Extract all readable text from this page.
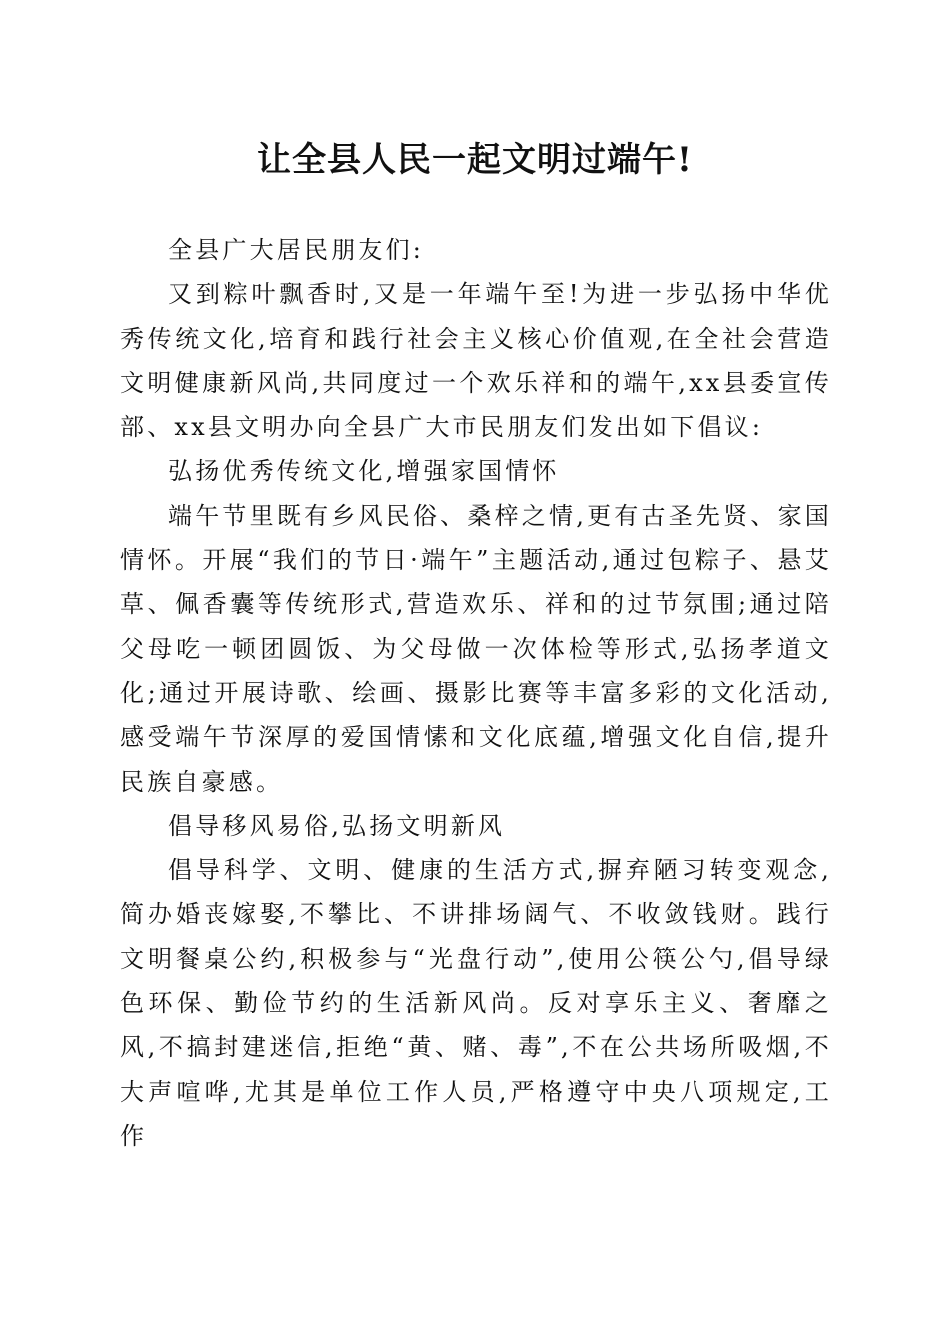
让全县人民一起文明过端午!

全县广大居民朋友们:

又到粽叶飘香时,又是一年端午至!为进一步弘扬中华优秀传统文化,培育和践行社会主义核心价值观,在全社会营造文明健康新风尚,共同度过一个欢乐祥和的端午,xx县委宣传部、xx县文明办向全县广大市民朋友们发出如下倡议:

弘扬优秀传统文化,增强家国情怀

端午节里既有乡风民俗、桑梓之情,更有古圣先贤、家国情怀。开展“我们的节日·端午”主题活动,通过包粽子、悬艾草、佩香囊等传统形式,营造欢乐、祥和的过节氛围;通过陪父母吃一顿团圆饭、为父母做一次体检等形式,弘扬孝道文化;通过开展诗歌、绘画、摄影比赛等丰富多彩的文化活动,感受端午节深厚的爱国情愫和文化底蕴,增强文化自信,提升民族自豪感。

倡导移风易俗,弘扬文明新风

倡导科学、文明、健康的生活方式,摒弃陋习转变观念,简办婚丧嫁娶,不攀比、不讲排场阔气、不收敛钱财。践行文明餐桌公约,积极参与“光盘行动”,使用公筷公勺,倡导绿色环保、勤俭节约的生活新风尚。反对享乐主义、奢靡之风,不搞封建迷信,拒绝“黄、赌、毒”,不在公共场所吸烟,不大声喧哗,尤其是单位工作人员,严格遵守中央八项规定,工作
